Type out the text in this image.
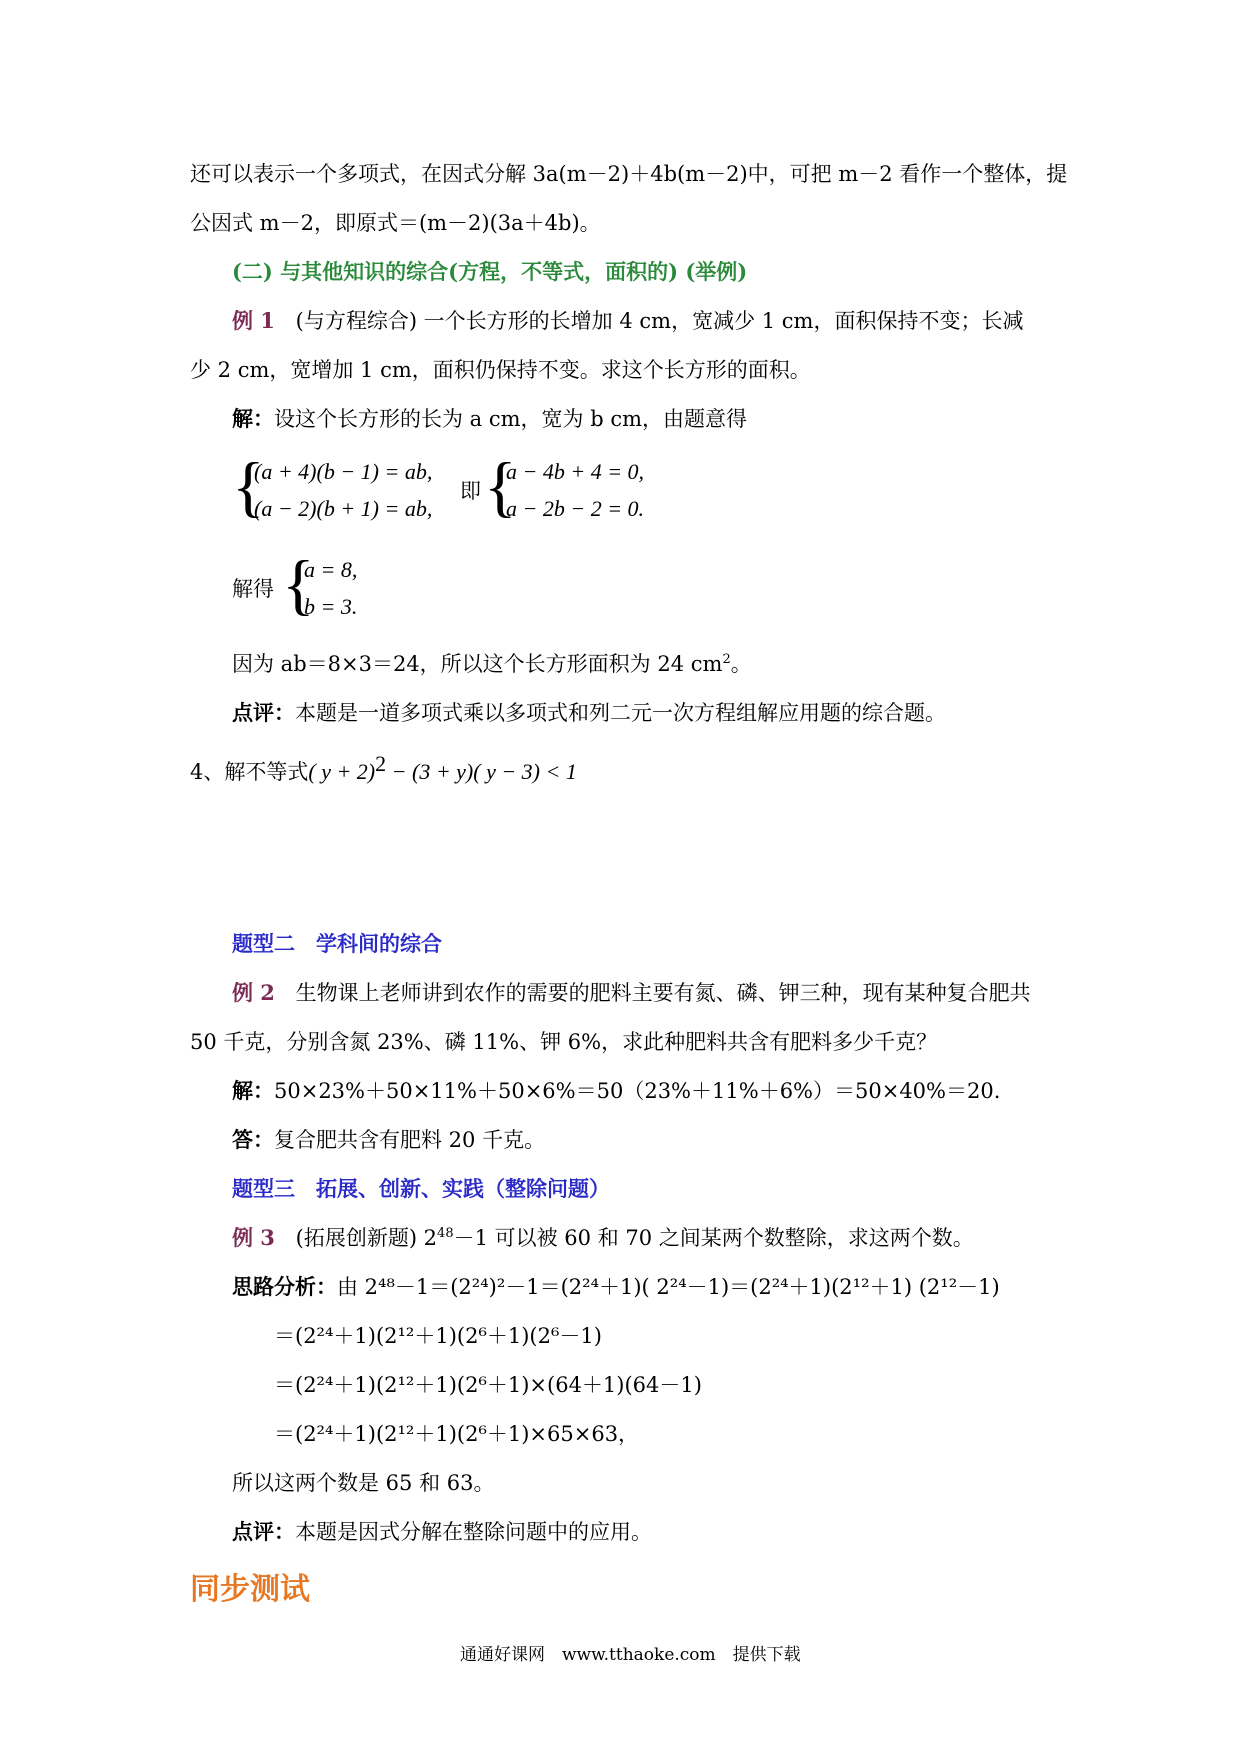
还可以表示一个多项式，在因式分解 3a(m－2)＋4b(m－2)中，可把 m－2 看作一个整体，提
公因式 m－2，即原式＝(m－2)(3a＋4b)。
(二) 与其他知识的综合(方程，不等式，面积的) (举例)
例 1 (与方程综合) 一个长方形的长增加 4 cm，宽减少 1 cm，面积保持不变；长减
少 2 cm，宽增加 1 cm，面积仍保持不变。求这个长方形的面积。
解：设这个长方形的长为 a cm，宽为 b cm，由题意得
{
(a + 4)(b − 1) = ab,
(a − 2)(b + 1) = ab,
即 {
a − 4b + 4 = 0,
a − 2b − 2 = 0.
解得 {
a = 8,
b = 3.
因为 ab＝8×3＝24，所以这个长方形面积为 24 $cm^2$。
点评：本题是一道多项式乘以多项式和列二元一次方程组解应用题的综合题。
4、解不等式( y + 2)$^2$ − (3 + y)( y − 3) < 1
题型二　学科间的综合
例 2 生物课上老师讲到农作的需要的肥料主要有氮、磷、钾三种，现有某种复合肥共
50 千克，分别含氮 23%、磷 11%、钾 6%，求此种肥料共含有肥料多少千克？
解：50×23%＋50×11%＋50×6%＝50（23%＋11%＋6%）＝50×40%＝20.
答：复合肥共含有肥料 20 千克。
题型三　拓展、创新、实践（整除问题）
例 3 (拓展创新题) $2^{48}-1$ 可以被 60 和 70 之间某两个数整除，求这两个数。
思路分析：由 2⁴⁸－1＝(2²⁴)²－1＝(2²⁴＋1)( 2²⁴－1)＝(2²⁴＋1)(2¹²＋1) (2¹²－1)
＝(2²⁴＋1)(2¹²＋1)(2⁶＋1)(2⁶－1)
＝(2²⁴＋1)(2¹²＋1)(2⁶＋1)×(64＋1)(64－1)
＝(2²⁴＋1)(2¹²＋1)(2⁶＋1)×65×63，
所以这两个数是 65 和 63。
点评：本题是因式分解在整除问题中的应用。
同步测试
通通好课网　www.tthaoke.com　提供下载
